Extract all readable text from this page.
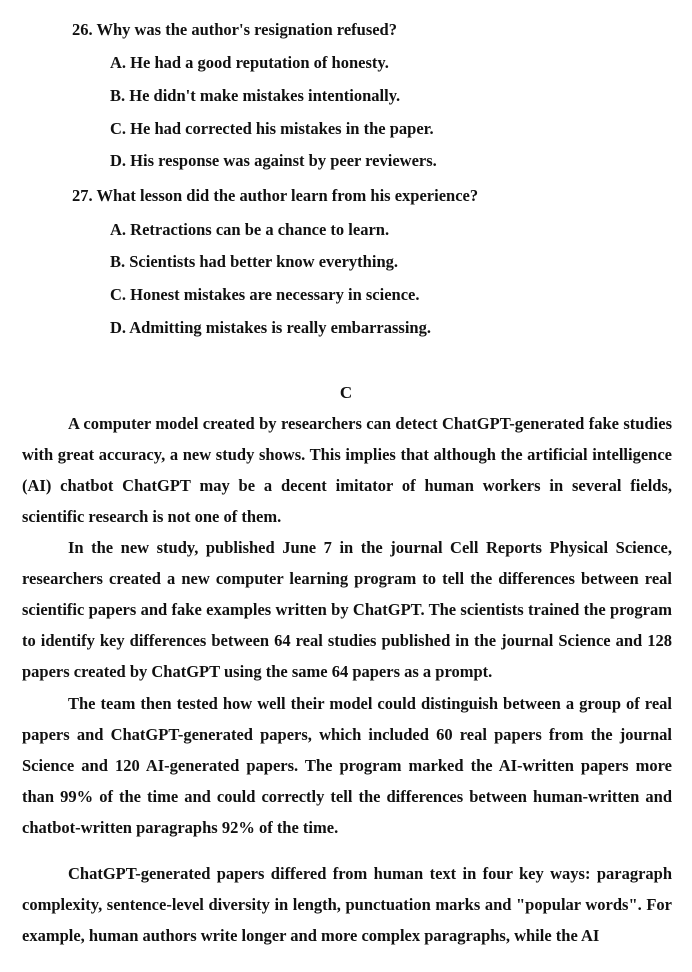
26. Why was the author's resignation refused?
A. He had a good reputation of honesty.
B. He didn't make mistakes intentionally.
C. He had corrected his mistakes in the paper.
D. His response was against by peer reviewers.
27. What lesson did the author learn from his experience?
A. Retractions can be a chance to learn.
B. Scientists had better know everything.
C. Honest mistakes are necessary in science.
D. Admitting mistakes is really embarrassing.
C
A computer model created by researchers can detect ChatGPT-generated fake studies with great accuracy, a new study shows. This implies that although the artificial intelligence (AI) chatbot ChatGPT may be a decent imitator of human workers in several fields, scientific research is not one of them.
In the new study, published June 7 in the journal Cell Reports Physical Science, researchers created a new computer learning program to tell the differences between real scientific papers and fake examples written by ChatGPT. The scientists trained the program to identify key differences between 64 real studies published in the journal Science and 128 papers created by ChatGPT using the same 64 papers as a prompt.
The team then tested how well their model could distinguish between a group of real papers and ChatGPT-generated papers, which included 60 real papers from the journal Science and 120 AI-generated papers. The program marked the AI-written papers more than 99% of the time and could correctly tell the differences between human-written and chatbot-written paragraphs 92% of the time.
ChatGPT-generated papers differed from human text in four key ways: paragraph complexity, sentence-level diversity in length, punctuation marks and "popular words". For example, human authors write longer and more complex paragraphs, while the AI
